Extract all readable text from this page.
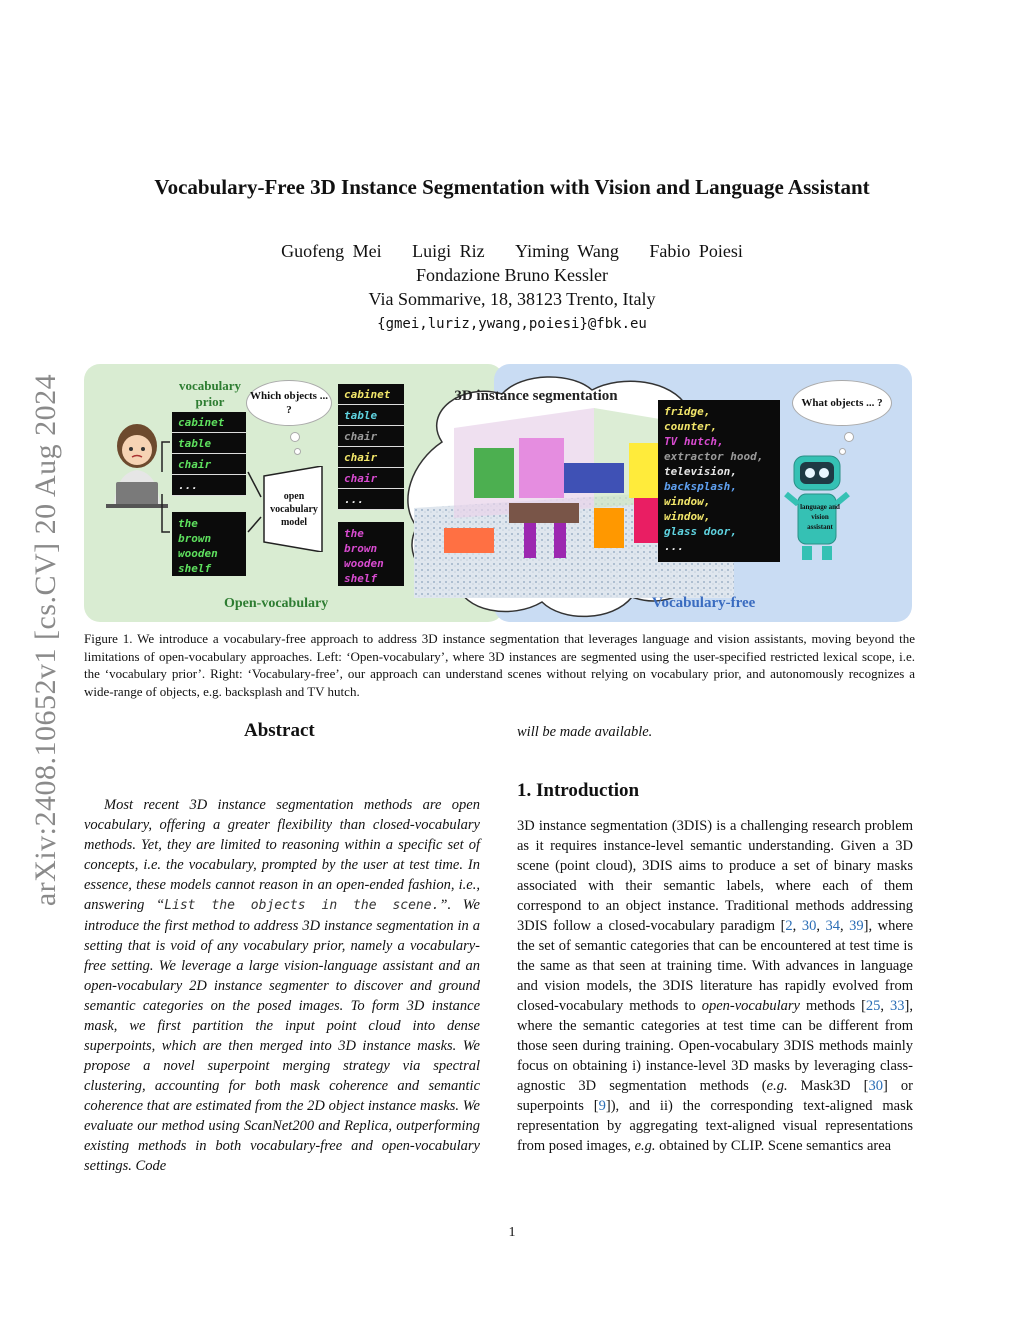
arXiv:2408.10652v1 [cs.CV] 20 Aug 2024
Vocabulary-Free 3D Instance Segmentation with Vision and Language Assistant
Guofeng Mei Luigi Riz Yiming Wang Fabio Poiesi
Fondazione Bruno Kessler
Via Sommarive, 18, 38123 Trento, Italy
{gmei,luriz,ywang,poiesi}@fbk.eu
3D instance segmentation
vocabulary prior
cabinet
table
chair
...
the
brown
wooden
shelf
Which objects ... ?
open vocabulary model
cabinet
table
chair
chair
chair
...
the
brown
wooden
shelf
fridge,
counter,
TV hutch,
extractor hood,
television,
backsplash,
window,
window,
glass door,
...
What objects ... ?
language and vision assistant
Open-vocabulary	Vocabulary-free
Figure 1. We introduce a vocabulary-free approach to address 3D instance segmentation that leverages language and vision assistants, moving beyond the limitations of open-vocabulary approaches. Left: ‘Open-vocabulary’, where 3D instances are segmented using the user-specified restricted lexical scope, i.e. the ‘vocabulary prior’. Right: ‘Vocabulary-free’, our approach can understand scenes without relying on vocabulary prior, and autonomously recognizes a wide-range of objects, e.g. backsplash and TV hutch.
Abstract
Most recent 3D instance segmentation methods are open vocabulary, offering a greater flexibility than closed-vocabulary methods. Yet, they are limited to reasoning within a specific set of concepts, i.e. the vocabulary, prompted by the user at test time. In essence, these models cannot reason in an open-ended fashion, i.e., answering “List the objects in the scene.”. We introduce the first method to address 3D instance segmentation in a setting that is void of any vocabulary prior, namely a vocabulary-free setting. We leverage a large vision-language assistant and an open-vocabulary 2D instance segmenter to discover and ground semantic categories on the posed images. To form 3D instance mask, we first partition the input point cloud into dense superpoints, which are then merged into 3D instance masks. We propose a novel superpoint merging strategy via spectral clustering, accounting for both mask coherence and semantic coherence that are estimated from the 2D object instance masks. We evaluate our method using ScanNet200 and Replica, outperforming existing methods in both vocabulary-free and open-vocabulary settings. Code
will be made available.
1. Introduction
3D instance segmentation (3DIS) is a challenging research problem as it requires instance-level semantic understanding. Given a 3D scene (point cloud), 3DIS aims to produce a set of binary masks associated with their semantic labels, where each of them correspond to an object instance. Traditional methods addressing 3DIS follow a closed-vocabulary paradigm [2, 30, 34, 39], where the set of semantic categories that can be encountered at test time is the same as that seen at training time. With advances in language and vision models, the 3DIS literature has rapidly evolved from closed-vocabulary methods to open-vocabulary methods [25, 33], where the semantic categories at test time can be different from those seen during training. Open-vocabulary 3DIS methods mainly focus on obtaining i) instance-level 3D masks by leveraging class-agnostic 3D segmentation methods (e.g. Mask3D [30] or superpoints [9]), and ii) the corresponding text-aligned mask representation by aggregating text-aligned visual representations from posed images, e.g. obtained by CLIP. Scene semantics area
1
